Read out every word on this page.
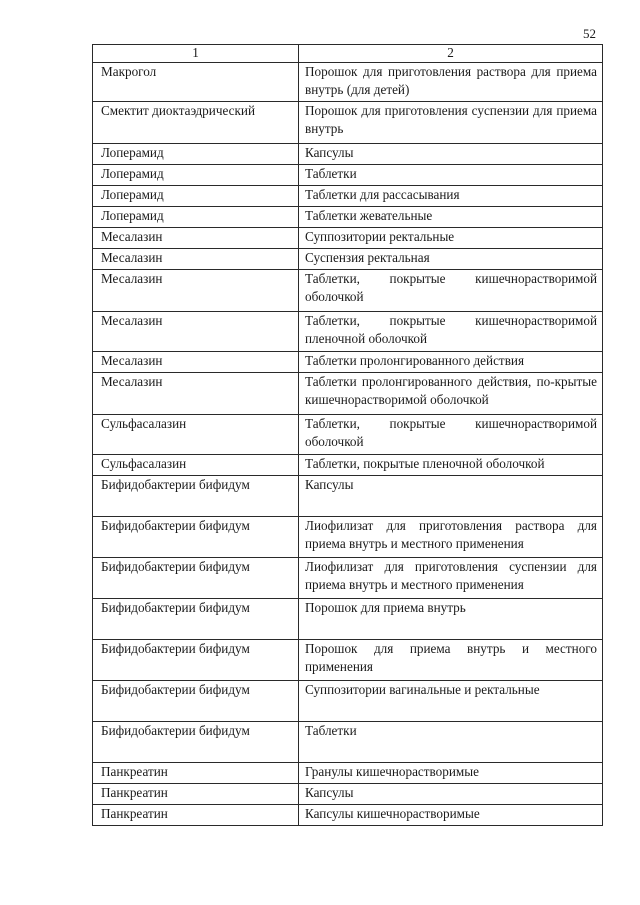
52
1	2
Макрогол	Порошок для приготовления раствора для приема внутрь (для детей)
Смектит диоктаэдрический	Порошок для приготовления суспензии для приема внутрь
Лоперамид	Капсулы
Лоперамид	Таблетки
Лоперамид	Таблетки для рассасывания
Лоперамид	Таблетки жевательные
Месалазин	Суппозитории ректальные
Месалазин	Суспензия ректальная
Месалазин	Таблетки, покрытые кишечнорастворимой оболочкой
Месалазин	Таблетки, покрытые кишечнорастворимой пленочной оболочкой
Месалазин	Таблетки пролонгированного действия
Месалазин	Таблетки пролонгированного действия, по-крытые кишечнорастворимой оболочкой
Сульфасалазин	Таблетки, покрытые кишечнорастворимой оболочкой
Сульфасалазин	Таблетки, покрытые пленочной оболочкой
Бифидобактерии бифидум	Капсулы
Бифидобактерии бифидум	Лиофилизат для приготовления раствора для приема внутрь и местного применения
Бифидобактерии бифидум	Лиофилизат для приготовления суспензии для приема внутрь и местного применения
Бифидобактерии бифидум	Порошок для приема внутрь
Бифидобактерии бифидум	Порошок для приема внутрь и местного применения
Бифидобактерии бифидум	Суппозитории вагинальные и ректальные
Бифидобактерии бифидум	Таблетки
Панкреатин	Гранулы кишечнорастворимые
Панкреатин	Капсулы
Панкреатин	Капсулы кишечнорастворимые
